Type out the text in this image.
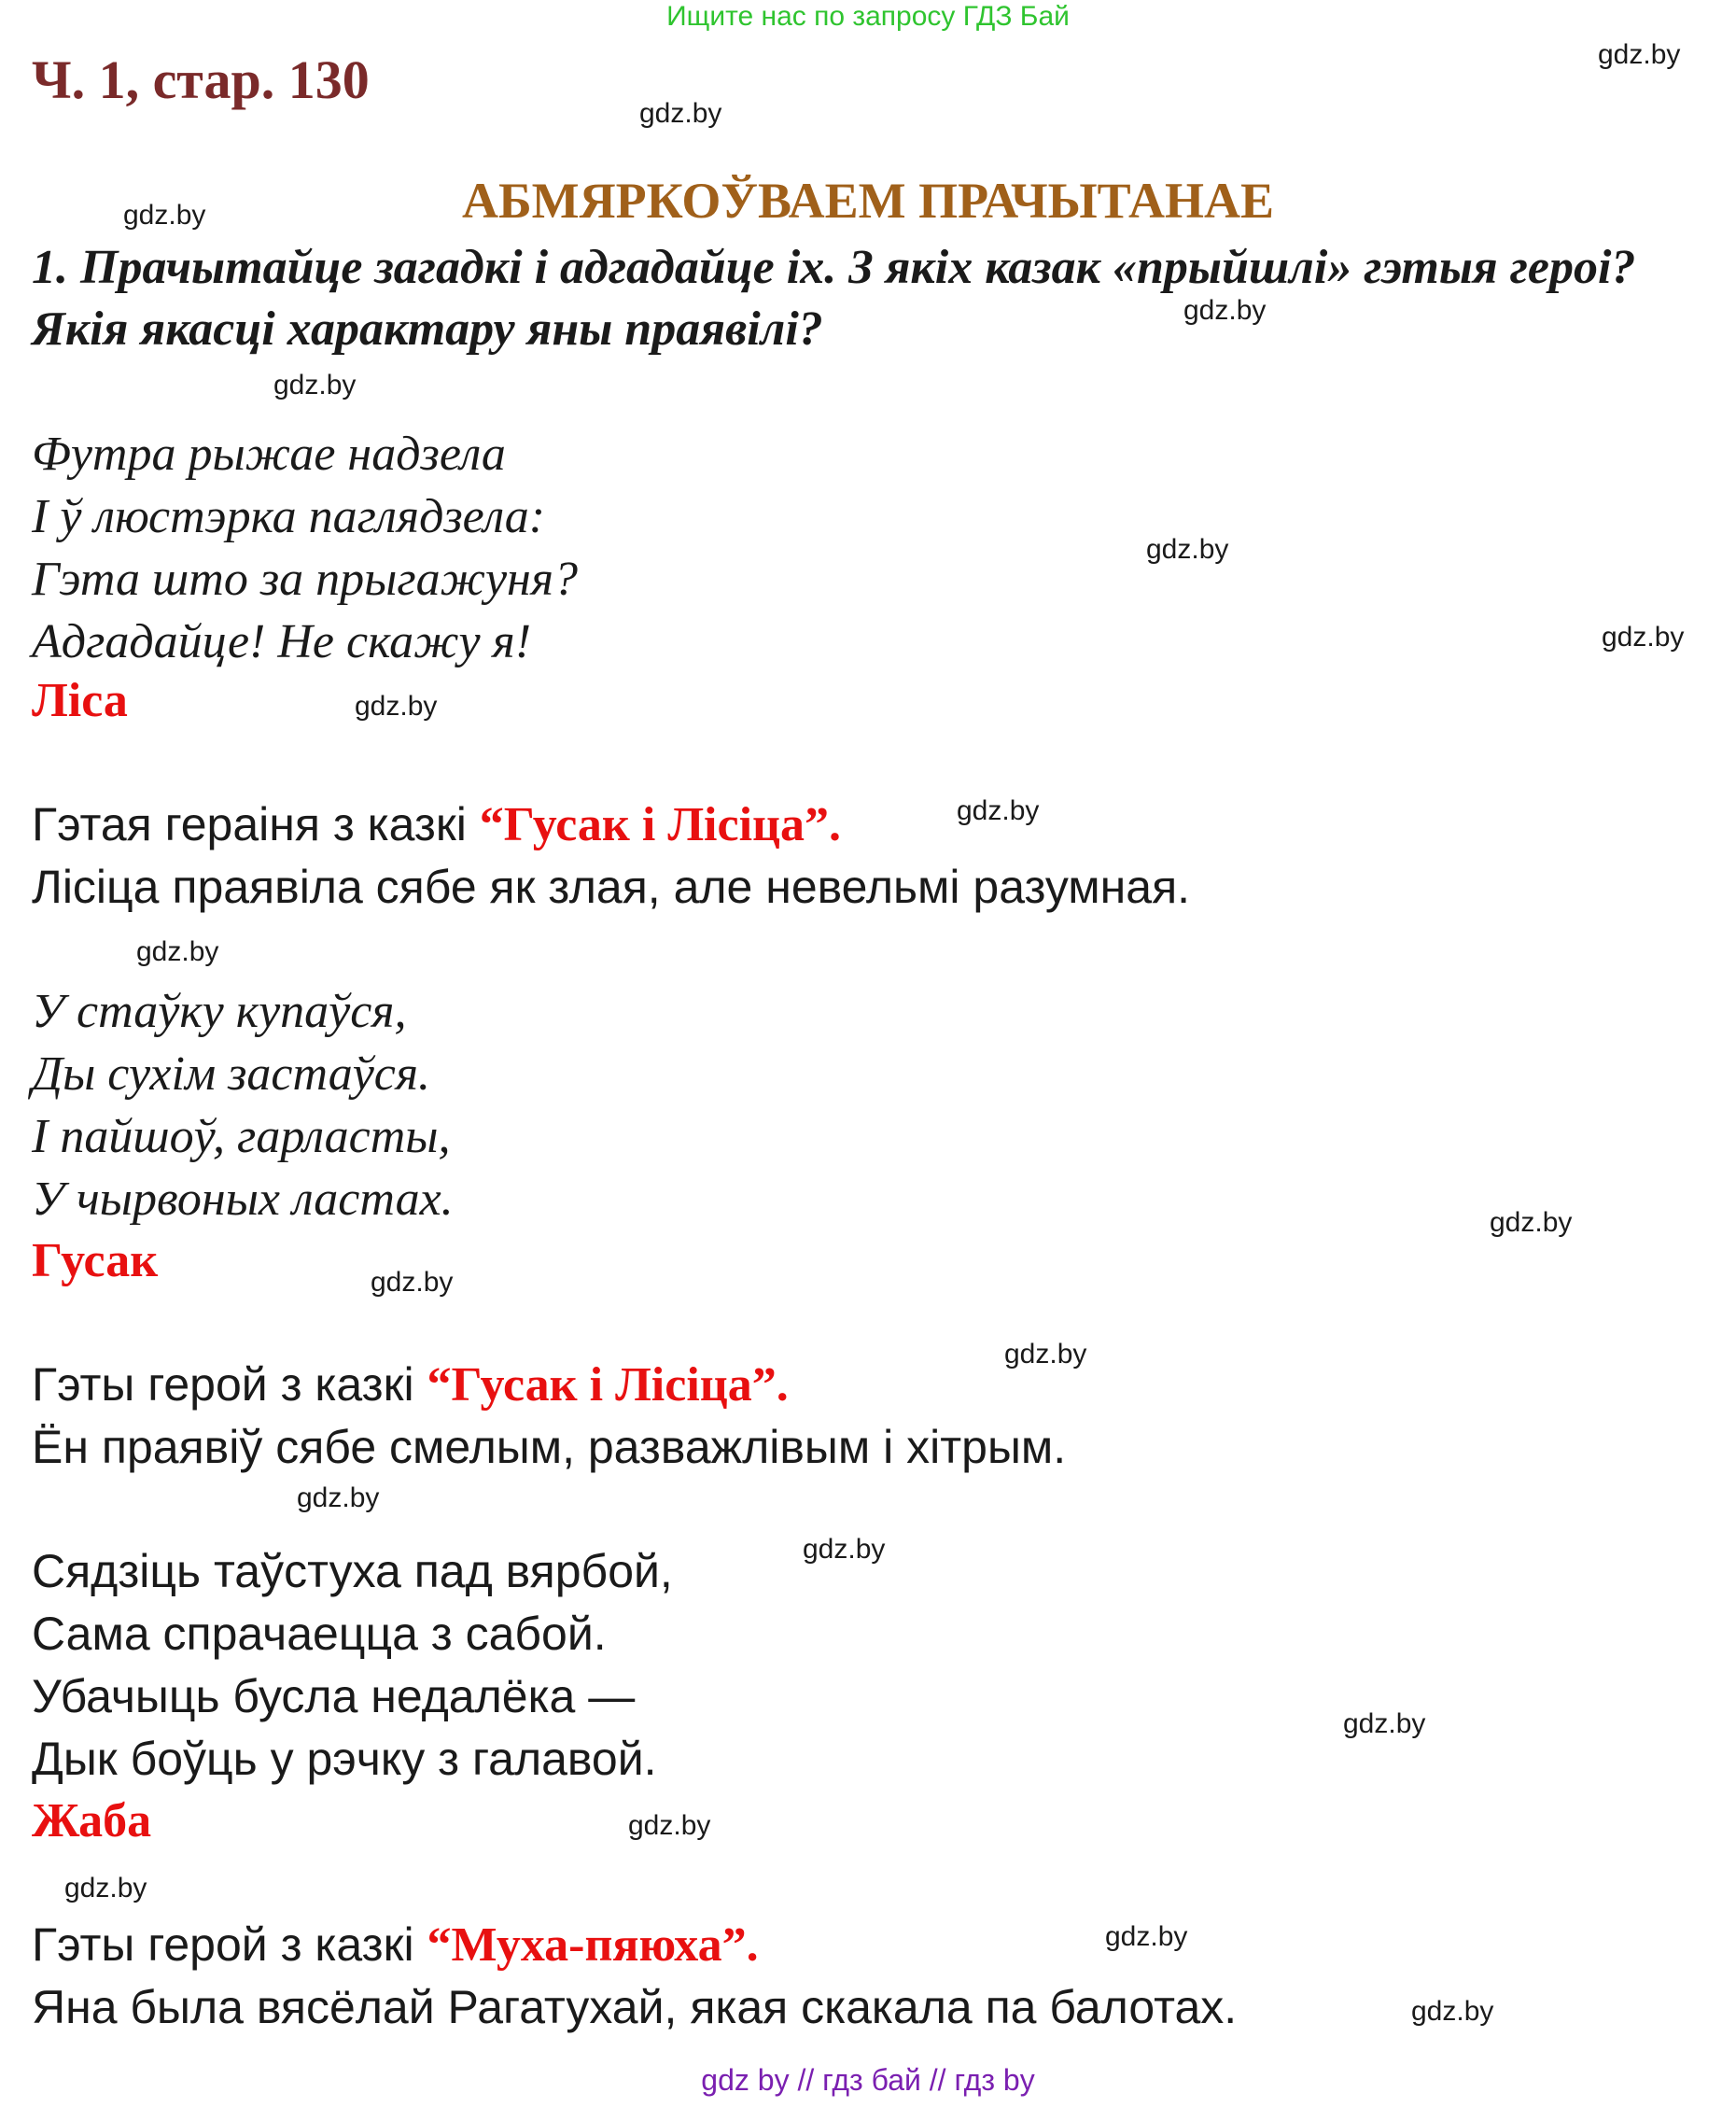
Ищите нас по запросу ГДЗ Бай
Ч. 1, стар. 130
АБМЯРКОЎВАЕМ ПРАЧЫТАНАЕ
1. Прачытайце загадкі і адгадайце іх. З якіх казак «прыйшлі» гэтыя героі? Якія якасці характару яны праявілі?
Футра рыжае надзела
І ў люстэрка паглядзела:
Гэта што за прыгажуня?
Адгадайце! Не скажу я!
Ліса
Гэтая гераіня з казкі “Гусак і Лісіца”.
Лісіца праявіла сябе як злая, але невельмі разумная.
У стаўку купаўся,
Ды сухім застаўся.
І пайшоў, гарласты,
У чырвоных ластах.
Гусак
Гэты герой з казкі “Гусак і Лісіца”.
Ён праявіў сябе смелым, разважлівым і хітрым.
Сядзіць таўстуха пад вярбой,
Сама спрачаецца з сабой.
Убачыць бусла недалёка —
Дык боўць у рэчку з галавой.
Жаба
Гэты герой з казкі “Муха-пяюха”.
Яна была вясёлай Рагатухай, якая скакала па балотах.
gdz.by
gdz.by
gdz.by
gdz.by
gdz.by
gdz.by
gdz.by
gdz.by
gdz.by
gdz.by
gdz.by
gdz.by
gdz.by
gdz.by
gdz.by
gdz.by
gdz.by
gdz.by
gdz.by
gdz.by
gdz by // гдз бай // гдз by
